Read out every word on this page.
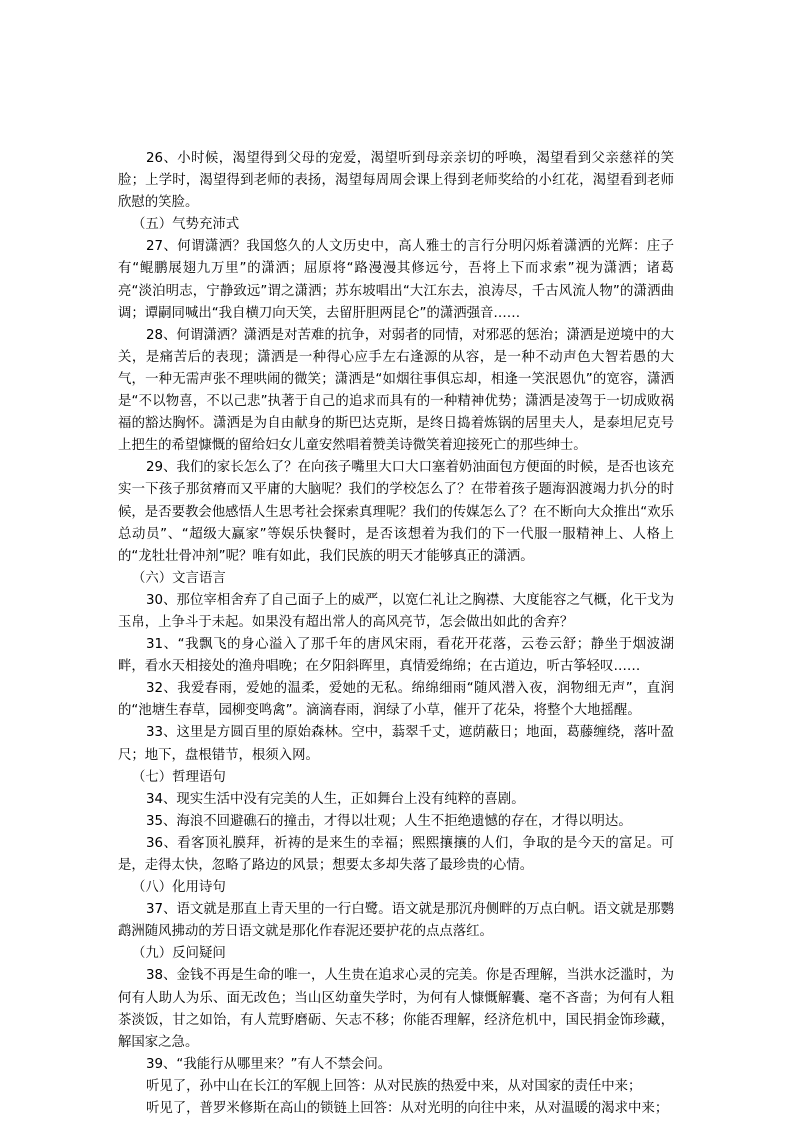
26、小时候，渴望得到父母的宠爱，渴望听到母亲亲切的呼唤，渴望看到父亲慈祥的笑脸；上学时，渴望得到老师的表扬，渴望每周周会课上得到老师奖给的小红花，渴望看到老师欣慰的笑脸。

（五）气势充沛式

27、何谓潇洒？我国悠久的人文历史中，高人雅士的言行分明闪烁着潇洒的光辉：庄子有“鲲鹏展翅九万里”的潇洒；屈原将“路漫漫其修远兮，吾将上下而求索”视为潇洒；诸葛亮“淡泊明志，宁静致远”谓之潇洒；苏东坡唱出“大江东去，浪涛尽，千古风流人物”的潇洒曲调；谭嗣同喊出“我自横刀向天笑，去留肝胆两昆仑”的潇洒强音……

28、何谓潇洒？潇洒是对苦难的抗争，对弱者的同情，对邪恶的惩治；潇洒是逆境中的大关，是痛苦后的表现；潇洒是一种得心应手左右逢源的从容，是一种不动声色大智若愚的大气，一种无需声张不理哄闹的微笑；潇洒是“如烟往事俱忘却，相逢一笑泯恩仇”的宽容，潇洒是“不以物喜，不以己悲”执著于自己的追求而具有的一种精神优势；潇洒是凌驾于一切成败祸福的豁达胸怀。潇洒是为自由献身的斯巴达克斯，是终日捣着炼锅的居里夫人，是泰坦尼克号上把生的希望慷慨的留给妇女儿童安然唱着赞美诗微笑着迎接死亡的那些绅士。

29、我们的家长怎么了？在向孩子嘴里大口大口塞着奶油面包方便面的时候，是否也该充实一下孩子那贫瘠而又平庸的大脑呢？我们的学校怎么了？在带着孩子题海泅渡竭力扒分的时候，是否要教会他感悟人生思考社会探索真理呢？我们的传媒怎么了？在不断向大众推出“欢乐总动员”、“超级大赢家”等娱乐快餐时，是否该想着为我们的下一代服一服精神上、人格上的“龙牡壮骨冲剂”呢？唯有如此，我们民族的明天才能够真正的潇洒。

（六）文言语言

30、那位宰相舍弃了自己面子上的威严，以宽仁礼让之胸襟、大度能容之气概，化干戈为玉帛，上争斗于未起。如果没有超出常人的高风亮节，怎会做出如此的舍弃？

31、“我飘飞的身心溢入了那千年的唐风宋雨，看花开花落，云卷云舒；静坐于烟波湖畔，看水天相接处的渔舟唱晚；在夕阳斜晖里，真情爱绵绵；在古道边，听古筝轻叹……

32、我爱春雨，爱她的温柔，爱她的无私。绵绵细雨“随风潜入夜，润物细无声”，直润的“池塘生春草，园柳变鸣禽”。滴滴春雨，润绿了小草，催开了花朵，将整个大地摇醒。

33、这里是方圆百里的原始森林。空中，蓊翠千丈，遮荫蔽日；地面，葛藤缠绕，落叶盈尺；地下，盘根错节，根须入网。

（七）哲理语句

34、现实生活中没有完美的人生，正如舞台上没有纯粹的喜剧。

35、海浪不回避礁石的撞击，才得以壮观；人生不拒绝遗憾的存在，才得以明达。

36、看客顶礼膜拜，祈祷的是来生的幸福；熙熙攘攘的人们，争取的是今天的富足。可是，走得太快，忽略了路边的风景；想要太多却失落了最珍贵的心情。

（八）化用诗句

37、语文就是那直上青天里的一行白鹭。语文就是那沉舟侧畔的万点白帆。语文就是那鹦鹉洲随风拂动的芳日语文就是那化作春泥还要护花的点点落红。

（九）反问疑问

38、金钱不再是生命的唯一，人生贵在追求心灵的完美。你是否理解，当洪水泛滥时，为何有人助人为乐、面无改色；当山区幼童失学时，为何有人慷慨解囊、毫不吝啬；为何有人粗茶淡饭，甘之如饴，有人荒野磨砺、矢志不移；你能否理解，经济危机中，国民捐金饰珍藏，解国家之急。

39、“我能行从哪里来？”有人不禁会问。

听见了，孙中山在长江的军舰上回答：从对民族的热爱中来，从对国家的责任中来；

听见了，普罗米修斯在高山的锁链上回答：从对光明的向往中来，从对温暖的渴求中来；
